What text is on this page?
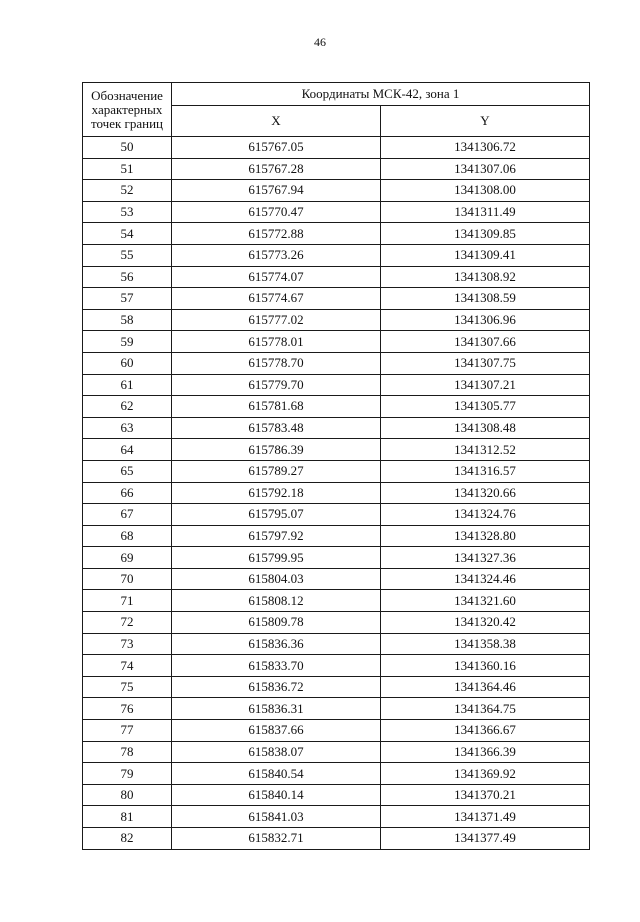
46
Обозначение характерных точек границ	Координаты МСК-42, зона 1	
	X	Y
50	615767.05	1341306.72
51	615767.28	1341307.06
52	615767.94	1341308.00
53	615770.47	1341311.49
54	615772.88	1341309.85
55	615773.26	1341309.41
56	615774.07	1341308.92
57	615774.67	1341308.59
58	615777.02	1341306.96
59	615778.01	1341307.66
60	615778.70	1341307.75
61	615779.70	1341307.21
62	615781.68	1341305.77
63	615783.48	1341308.48
64	615786.39	1341312.52
65	615789.27	1341316.57
66	615792.18	1341320.66
67	615795.07	1341324.76
68	615797.92	1341328.80
69	615799.95	1341327.36
70	615804.03	1341324.46
71	615808.12	1341321.60
72	615809.78	1341320.42
73	615836.36	1341358.38
74	615833.70	1341360.16
75	615836.72	1341364.46
76	615836.31	1341364.75
77	615837.66	1341366.67
78	615838.07	1341366.39
79	615840.54	1341369.92
80	615840.14	1341370.21
81	615841.03	1341371.49
82	615832.71	1341377.49
